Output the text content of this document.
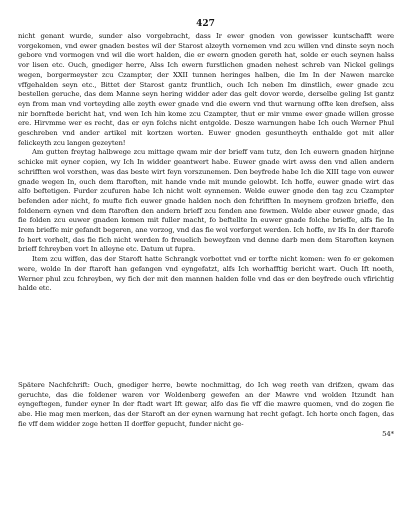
427

nicht genant wurde, sunder also vorgebracht, dass Ir ewer gnoden von gewisser kuntschafft were vorgekomen, vnd ewer gnaden bestes wil der Starost alzeyth vornemen vnd zcu willen vnd dinste seyn noch gebore vnd vormogen vnd wil die wort halden, die er ewern gnoden gereth hat, solde er euch seynen halss vor lisen etc. Ouch, gnediger herre, Alss Ich ewern furstlichen gnaden nehest schreb van Nickel gelings wegen, borgermeyster zcu Czampter, der XXII tunnen heringes halben, die Im In der Nawen marcke vffgehalden seyn etc., Bittet der Starost gantz fruntlich, ouch Ich neben Im dinstlich, ewer gnade zcu bestellen geruche, das dem Manne seyn hering widder ader das gelt dovor werde, derselbe geling Ist gantz eyn from man vnd vorteyding alle zeyth ewer gnade vnd die ewern vnd thut warnung offte ken drefsen, alss nir bornftede bericht hat, vnd wen Ich hin kome zcu Czampter, thut er mir vmme ewer gnade willen grosse ere. Hirvmme wer es recht, das er eyn folchs nicht entgolde. Desze warnungen habe Ich ouch Werner Phul geschreben vnd ander artikel mit kortzen worten. Euwer gnoden gesuntheyth enthalde got mit aller felickeyth zcu langen gezeyten!

Am gutten freytag halbwege zcu mittage qwam mir der brieff vam tutz, den Ich euwern gnaden hirjnne schicke mit eyner copien, wy Ich In widder geantwert habe. Euwer gnade wirt awss den vnd allen andern schrifften wol vorsthen, was das beste wirt feyn vorszunemen. Den beyfrede habe Ich die XIII tage von euwer gnade wegen In, ouch dem ftaroften, mit hande vnde mit munde gelowbt. Ich hoffe, euwer gnade wirt das alfo beftetigen. Furder zcufuren habe Ich nicht wolt eynnemen. Welde euwer gnode den tag zcu Czampter befenden ader nicht, fo mufte fich euwer gnade halden noch den fchrifften In meynem grofzen brieffe, den foldenern eynen vnd dem ftaroften den andern brieff zcu fenden ane fewmen. Welde aber euwer gnade, das fie folden zcu euwer gnaden komen mit fuller macht, fo beftellte In euwer gnade folche brieffe, alfs fie In Irem brieffe mir gefandt begeren, ane vorzog, vnd das fie wol vorforget werden. Ich hoffe, nv Ifs In der ftarofe fo hert vorhelt, das fie fich nicht werden fo freuelich beweyfzen vnd denne darb men dem Staroften keynen brieff fchreyben vort In alleyne etc. Datum ut fupra.

Item zcu wiffen, das der Staroft hatte Schrangk vorbottet vnd er torfte nicht komen: wen fo er gekomen were, wolde In der ftaroft han gefangen vnd eyngefatzt, alfs Ich worhafftig bericht wart. Ouch Ift noeth, Werner phul zcu fchreyben, wy fich der mit den mannen halden folle vnd das er den beyfrede ouch vfirichtig halde etc.

Spätere Nachfchrift: Ouch, gnediger herre, bewte nochmittag, do Ich weg reeth van drifzen, qwam das geruchte, das die foldener waren vor Woldenberg gewefen an der Mawre vnd wolden Itzundt han eyngeftegen, funder eyner In der ftadt wart Ift gewar, alfo das fie vff die mawre quomen, vnd do zogen fie abe. Hie mag men merken, das der Staroft an der eynen warnung hat recht gefagt. Ich horte onch fagen, das fie vff dem widder zoge hetten II dorffer gepucht, funder nicht ge-

54*
